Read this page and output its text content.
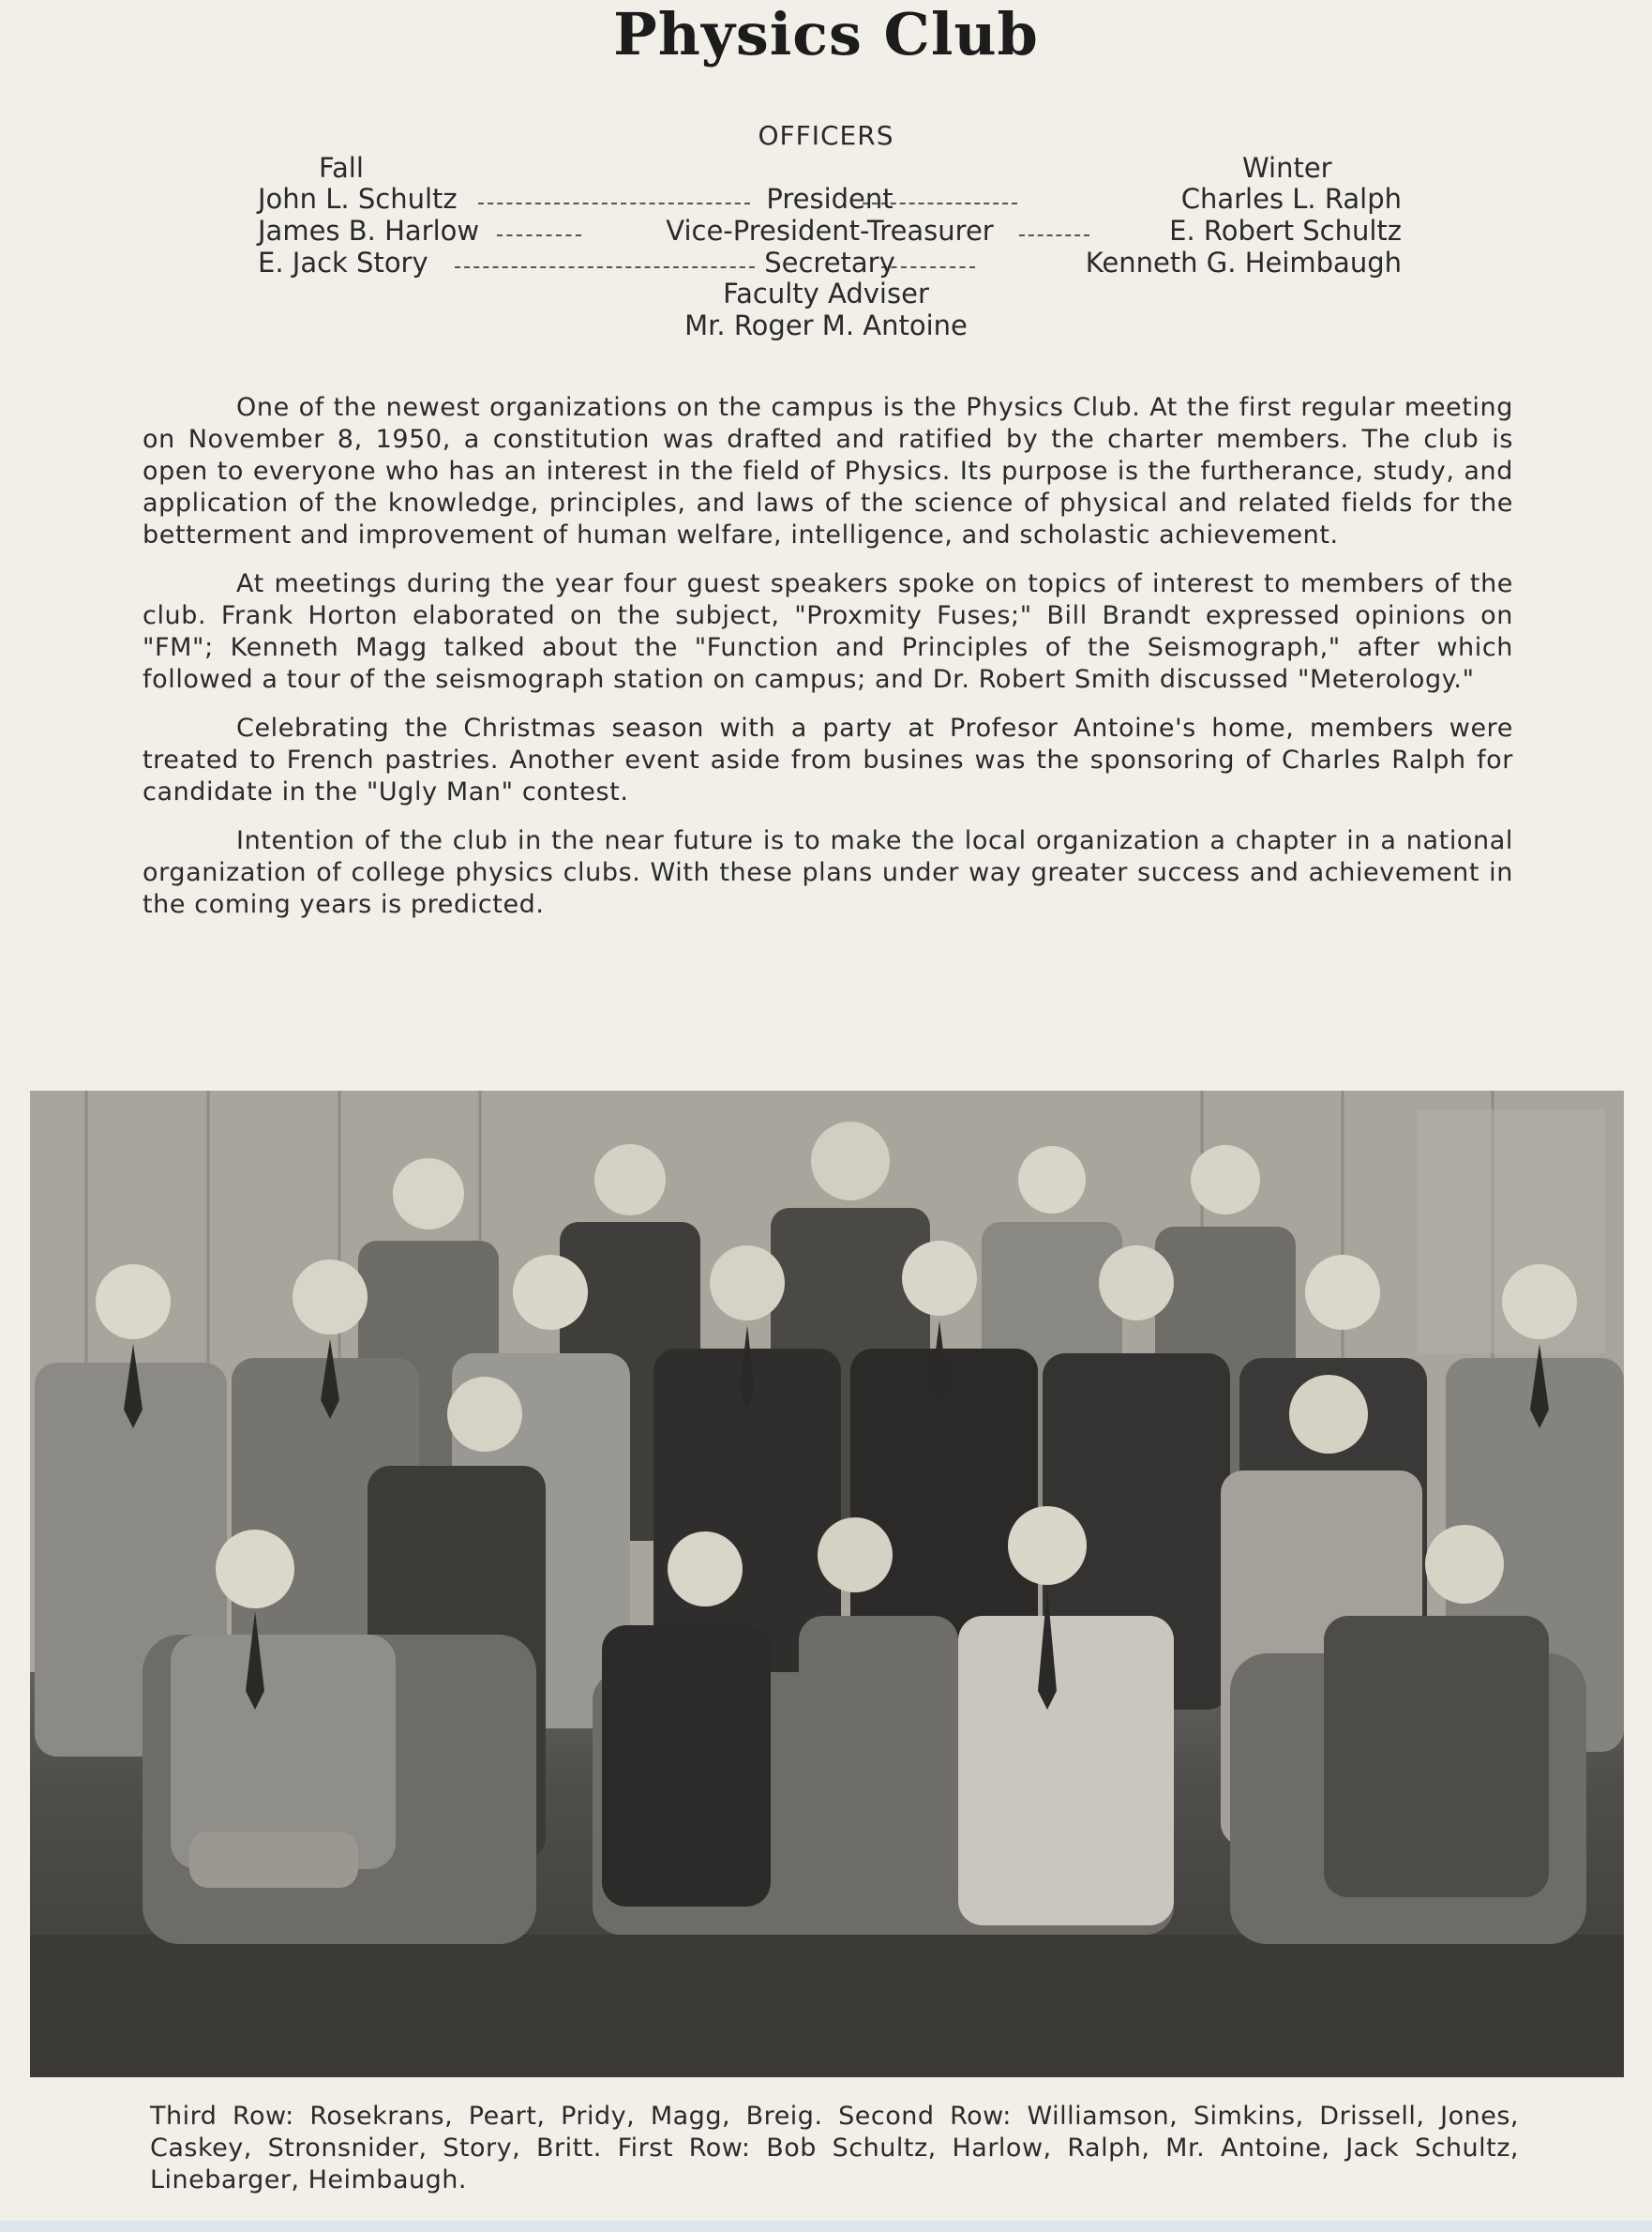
Physics Club
OFFICERS
Fall	Winter
John L. Schultz	President	Charles L. Ralph
James B. Harlow	Vice-President-Treasurer	E. Robert Schultz
E. Jack Story	Secretary	Kenneth G. Heimbaugh
Faculty Adviser
Mr. Roger M. Antoine

One of the newest organizations on the campus is the Physics Club. At the first regular meeting on November 8, 1950, a constitution was drafted and ratified by the charter members. The club is open to everyone who has an interest in the field of Physics. Its purpose is the furtherance, study, and application of the knowledge, principles, and laws of the science of physical and related fields for the betterment and improvement of human welfare, intelligence, and scholastic achievement.

At meetings during the year four guest speakers spoke on topics of interest to members of the club. Frank Horton elaborated on the subject, "Proxmity Fuses;" Bill Brandt expressed opinions on "FM"; Kenneth Magg talked about the "Function and Principles of the Seismograph," after which followed a tour of the seismograph station on campus; and Dr. Robert Smith discussed "Meterology."

Celebrating the Christmas season with a party at Profesor Antoine's home, members were treated to French pastries. Another event aside from busines was the sponsoring of Charles Ralph for candidate in the "Ugly Man" contest.

Intention of the club in the near future is to make the local organization a chapter in a national organization of college physics clubs. With these plans under way greater success and achievement in the coming years is predicted.

Third Row: Rosekrans, Peart, Pridy, Magg, Breig. Second Row: Williamson, Simkins, Drissell, Jones, Caskey, Stronsnider, Story, Britt. First Row: Bob Schultz, Harlow, Ralph, Mr. Antoine, Jack Schultz, Linebarger, Heimbaugh.
